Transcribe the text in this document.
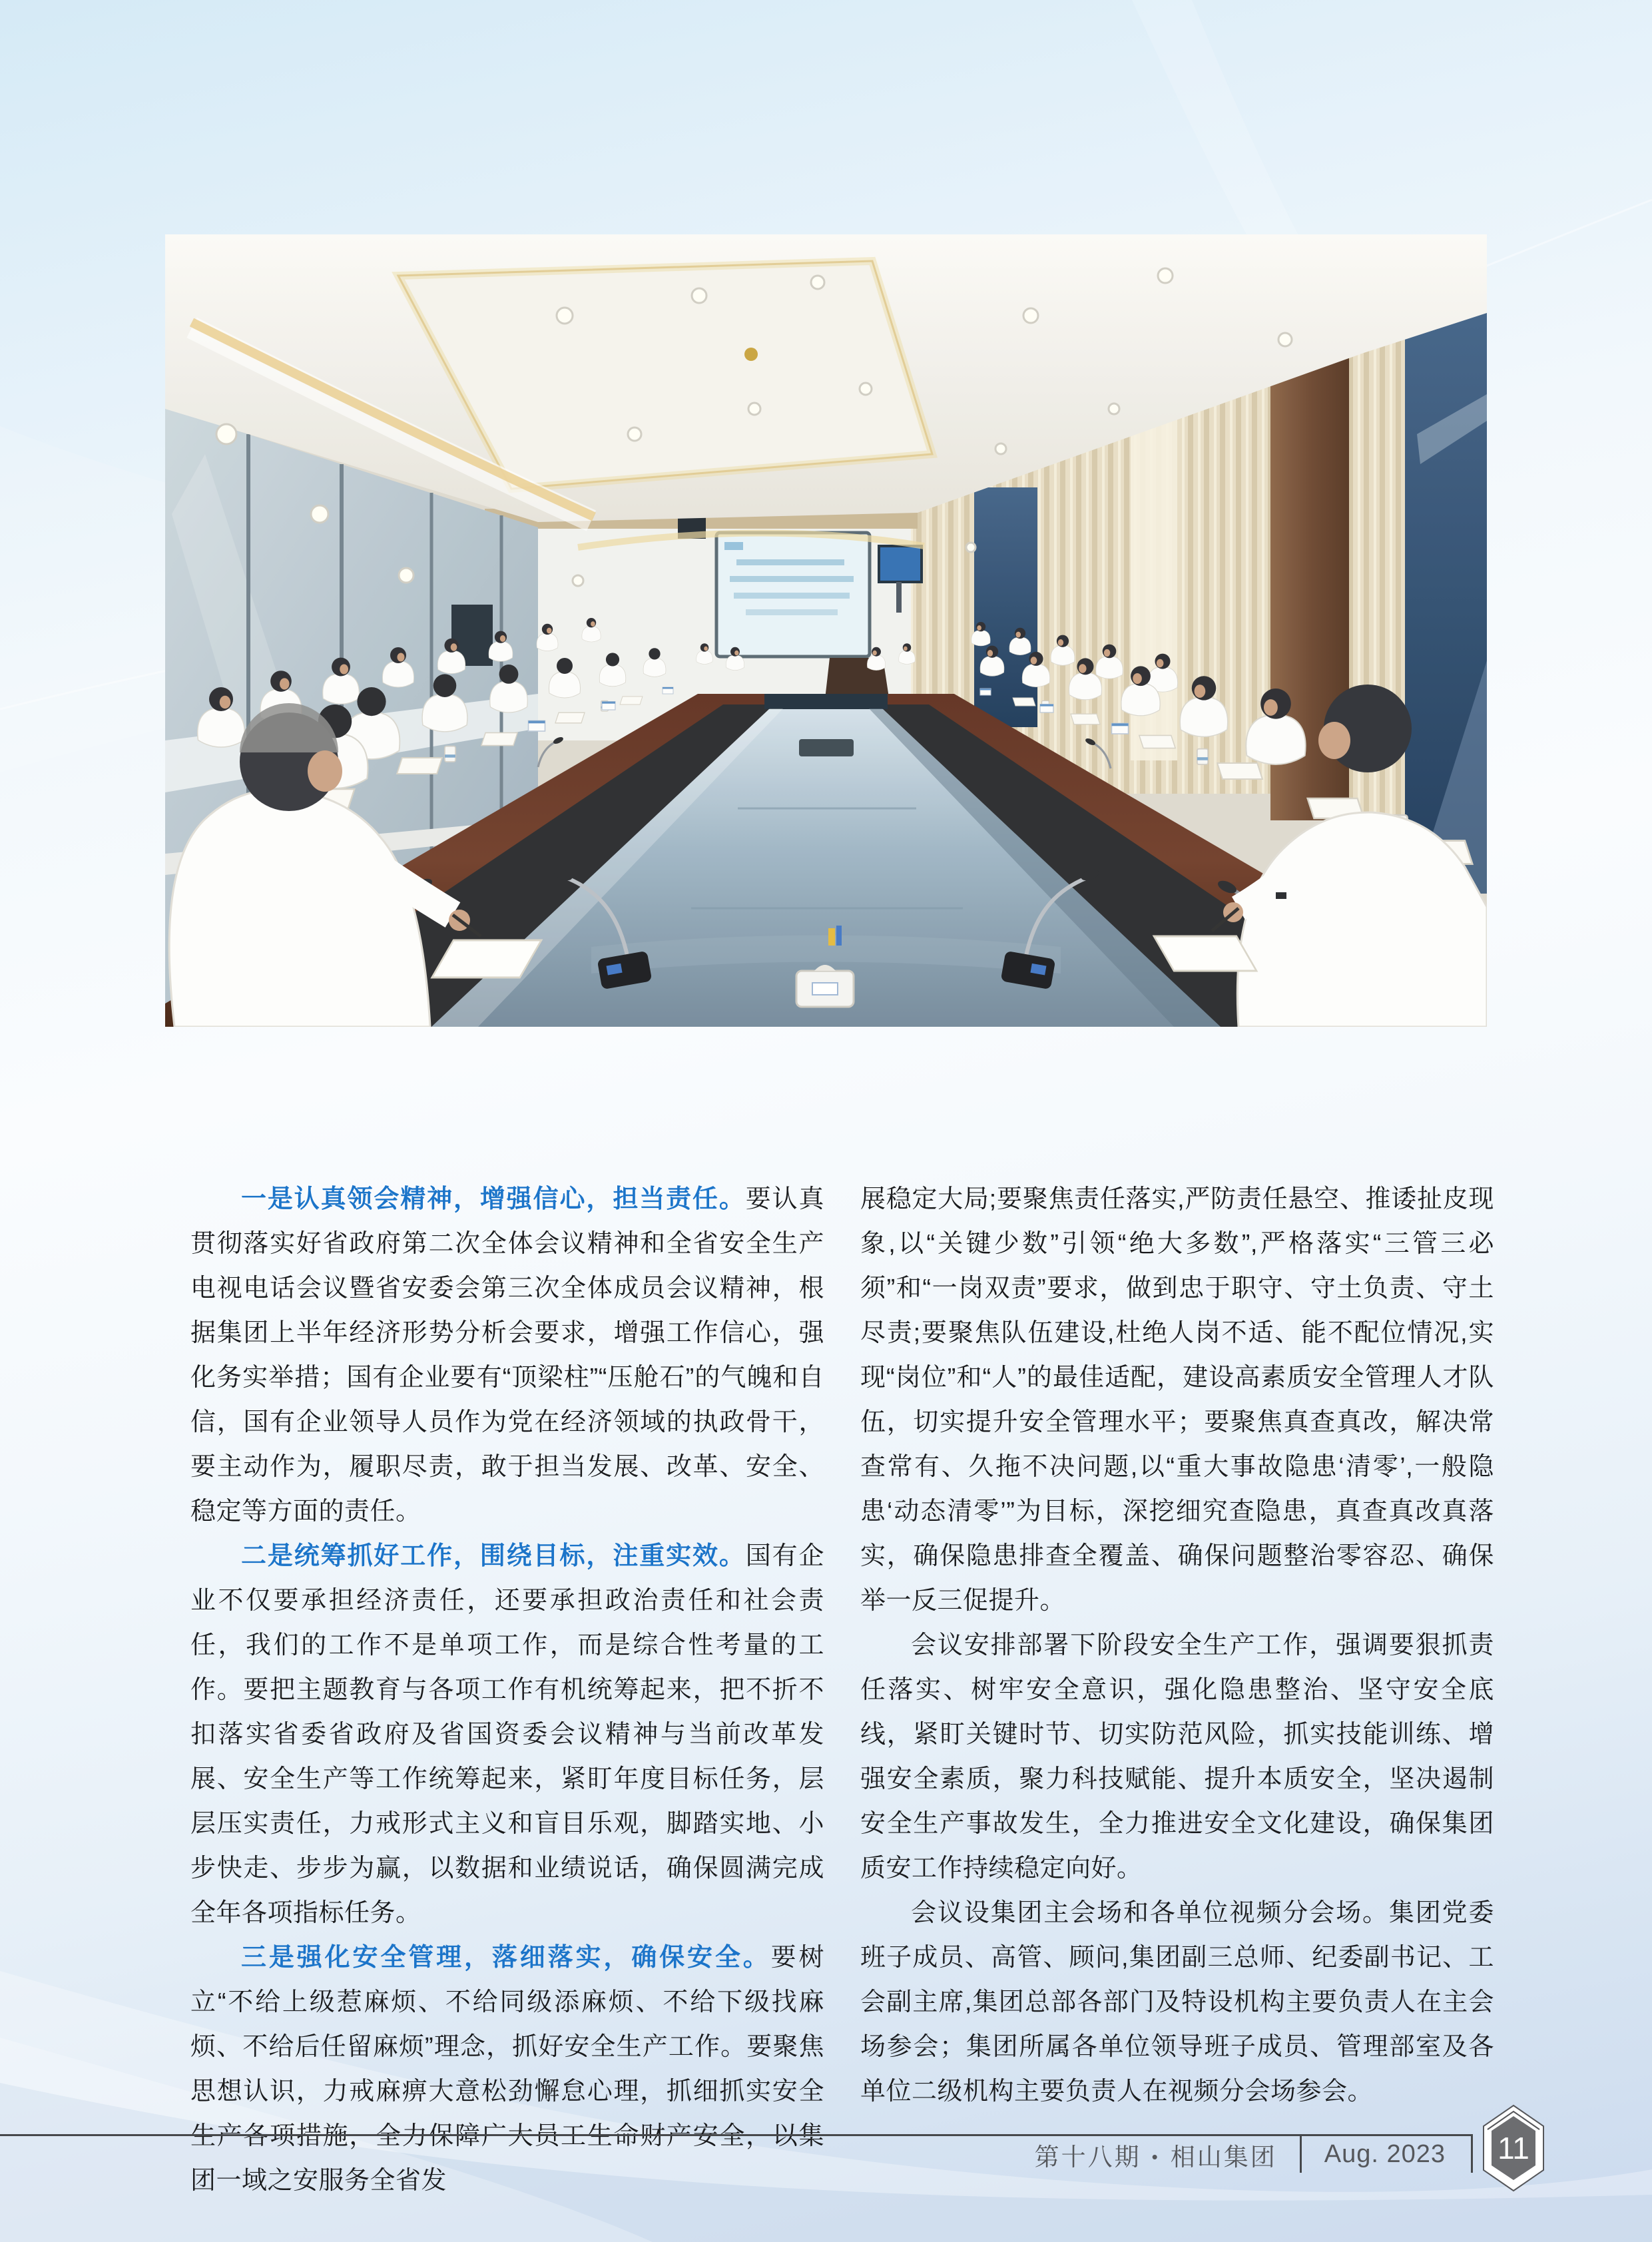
一是认真领会精神，增强信心，担当责任。要认真贯彻落实好省政府第二次全体会议精神和全省安全生产电视电话会议暨省安委会第三次全体成员会议精神，根据集团上半年经济形势分析会要求，增强工作信心，强化务实举措；国有企业要有“顶梁柱”“压舱石”的气魄和自信，国有企业领导人员作为党在经济领域的执政骨干，要主动作为，履职尽责，敢于担当发展、改革、安全、稳定等方面的责任。

二是统筹抓好工作，围绕目标，注重实效。国有企业不仅要承担经济责任，还要承担政治责任和社会责任，我们的工作不是单项工作，而是综合性考量的工作。要把主题教育与各项工作有机统筹起来，把不折不扣落实省委省政府及省国资委会议精神与当前改革发展、安全生产等工作统筹起来，紧盯年度目标任务，层层压实责任，力戒形式主义和盲目乐观，脚踏实地、小步快走、步步为赢，以数据和业绩说话，确保圆满完成全年各项指标任务。

三是强化安全管理，落细落实，确保安全。要树立“不给上级惹麻烦、不给同级添麻烦、不给下级找麻烦、不给后任留麻烦”理念，抓好安全生产工作。要聚焦思想认识，力戒麻痹大意松劲懈怠心理，抓细抓实安全生产各项措施，全力保障广大员工生命财产安全，以集团一域之安服务全省发

展稳定大局;要聚焦责任落实,严防责任悬空、推诿扯皮现象,以“关键少数”引领“绝大多数”,严格落实“三管三必须”和“一岗双责”要求，做到忠于职守、守土负责、守土尽责;要聚焦队伍建设,杜绝人岗不适、能不配位情况,实现“岗位”和“人”的最佳适配，建设高素质安全管理人才队伍，切实提升安全管理水平；要聚焦真查真改，解决常查常有、久拖不决问题,以“重大事故隐患‘清零’,一般隐患‘动态清零’”为目标，深挖细究查隐患，真查真改真落实，确保隐患排查全覆盖、确保问题整治零容忍、确保举一反三促提升。

会议安排部署下阶段安全生产工作，强调要狠抓责任落实、树牢安全意识，强化隐患整治、坚守安全底线，紧盯关键时节、切实防范风险，抓实技能训练、增强安全素质，聚力科技赋能、提升本质安全，坚决遏制安全生产事故发生，全力推进安全文化建设，确保集团质安工作持续稳定向好。

会议设集团主会场和各单位视频分会场。集团党委班子成员、高管、顾问,集团副三总师、纪委副书记、工会副主席,集团总部各部门及特设机构主要负责人在主会场参会；集团所属各单位领导班子成员、管理部室及各单位二级机构主要负责人在视频分会场参会。

第十八期 • 相山集团 Aug. 2023 11
